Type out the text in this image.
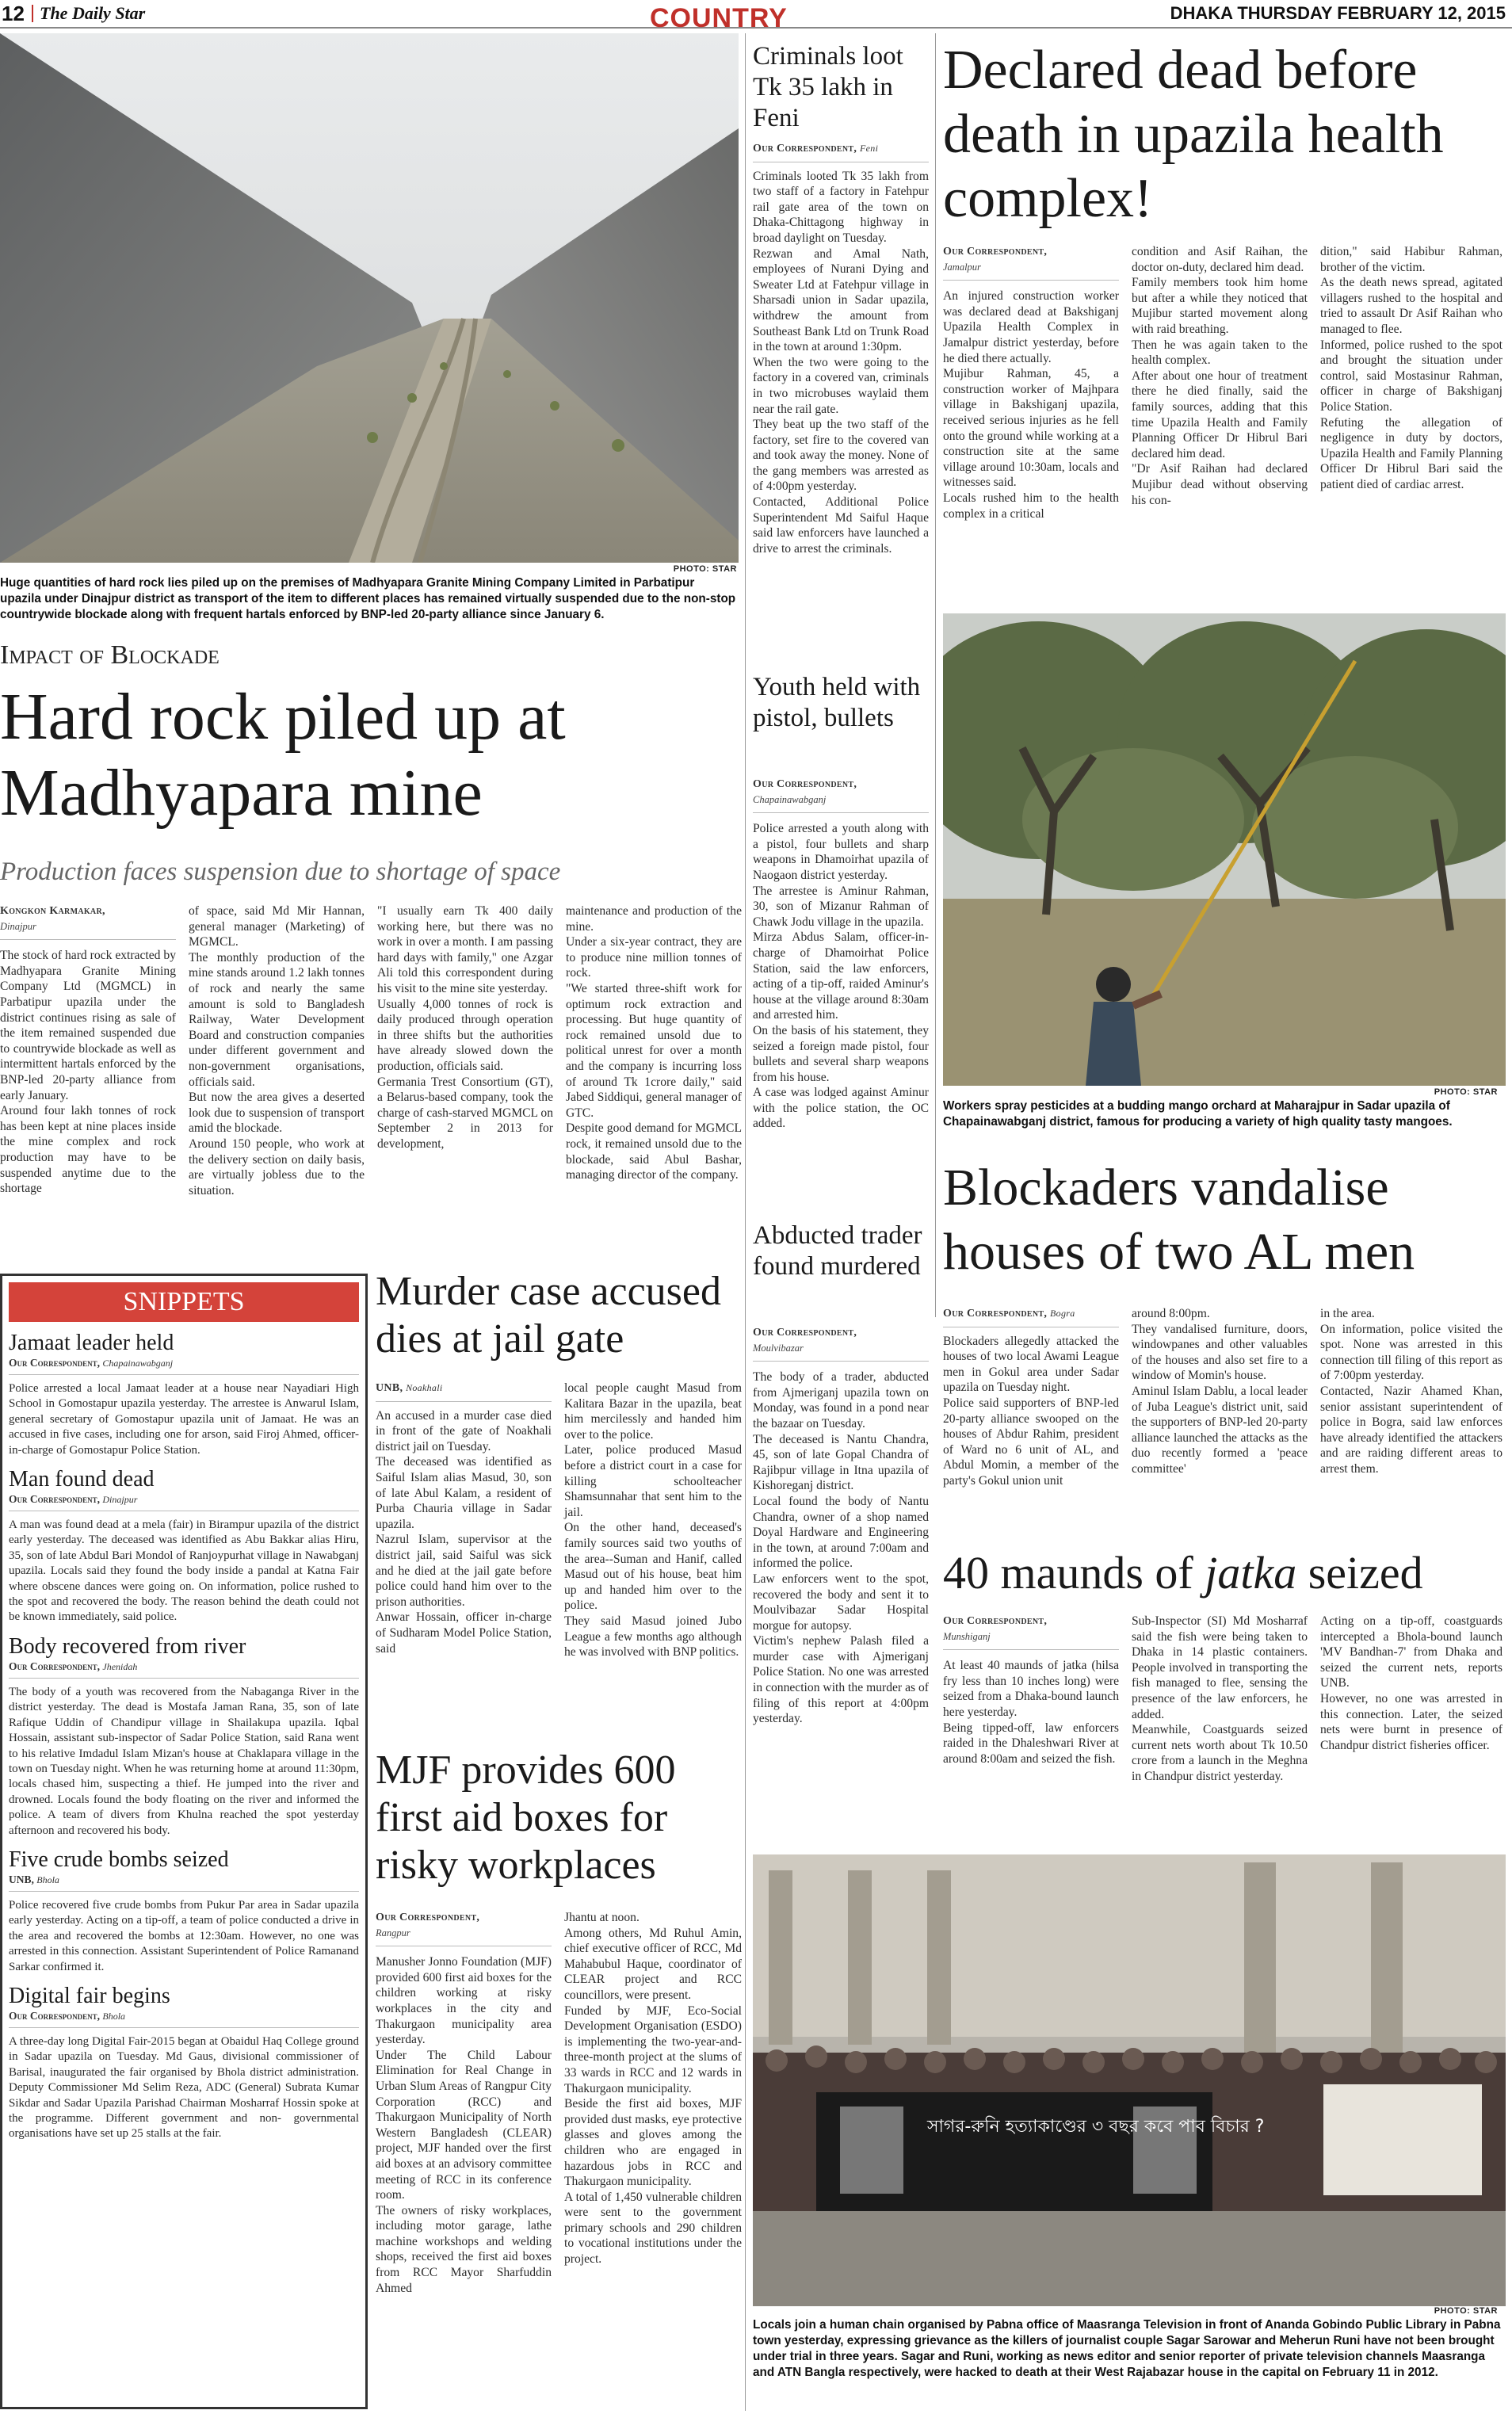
12 The Daily Star	COUNTRY	DHAKA THURSDAY FEBRUARY 12, 2015
PHOTO: STAR
Huge quantities of hard rock lies piled up on the premises of Madhyapara Granite Mining Company Limited in Parbatipur upazila under Dinajpur district as transport of the item to different places has remained virtually suspended due to the non-stop countrywide blockade along with frequent hartals enforced by BNP-led 20-party alliance since January 6.
Impact of Blockade
Hard rock piled up at
Madhyapara mine
Production faces suspension due to shortage of space
Kongkon Karmakar,
Dinajpur
The stock of hard rock extracted by Madhyapara Granite Mining Company Ltd (MGMCL) in Parbatipur upazila under the district continues rising as sale of the item remained suspended due to countrywide blockade as well as intermittent hartals enforced by the BNP-led 20-party alliance from early January.
Around four lakh tonnes of rock has been kept at nine places inside the mine complex and rock production may have to be suspended anytime due to the shortage
of space, said Md Mir Hannan, general manager (Marketing) of MGMCL.
The monthly production of the mine stands around 1.2 lakh tonnes of rock and nearly the same amount is sold to Bangladesh Railway, Water Development Board and construction companies under different government and non-government organisations, officials said.
But now the area gives a deserted look due to suspension of transport amid the blockade.
Around 150 people, who work at the delivery section on daily basis, are virtually jobless due to the situation.
"I usually earn Tk 400 daily working here, but there was no work in over a month. I am passing hard days with family," one Azgar Ali told this correspondent during his visit to the mine site yesterday.
Usually 4,000 tonnes of rock is daily produced through operation in three shifts but the authorities have already slowed down the production, officials said.
Germania Trest Consortium (GT), a Belarus-based company, took the charge of cash-starved MGMCL on September 2 in 2013 for development,
maintenance and production of the mine.
Under a six-year contract, they are to produce nine million tonnes of rock.
"We started three-shift work for optimum rock extraction and processing. But huge quantity of rock remained unsold due to political unrest for over a month and the company is incurring loss of around Tk 1crore daily," said Jabed Siddiqui, general manager of GTC.
Despite good demand for MGMCL rock, it remained unsold due to the blockade, said Abul Bashar, managing director of the company.
SNIPPETS
Jamaat leader held
Our Correspondent, Chapainawabganj
Police arrested a local Jamaat leader at a house near Nayadiari High School in Gomostapur upazila yesterday. The arrestee is Anwarul Islam, general secretary of Gomostapur upazila unit of Jamaat. He was an accused in five cases, including one for arson, said Firoj Ahmed, officer-in-charge of Gomostapur Police Station.
Man found dead
Our Correspondent, Dinajpur
A man was found dead at a mela (fair) in Birampur upazila of the district early yesterday. The deceased was identified as Abu Bakkar alias Hiru, 35, son of late Abdul Bari Mondol of Ranjoypurhat village in Nawabganj upazila. Locals said they found the body inside a pandal at Katna Fair where obscene dances were going on. On information, police rushed to the spot and recovered the body. The reason behind the death could not be known immediately, said police.
Body recovered from river
Our Correspondent, Jhenidah
The body of a youth was recovered from the Nabaganga River in the district yesterday. The dead is Mostafa Jaman Rana, 35, son of late Rafique Uddin of Chandipur village in Shailakupa upazila. Iqbal Hossain, assistant sub-inspector of Sadar Police Station, said Rana went to his relative Imdadul Islam Mizan's house at Chaklapara village in the town on Tuesday night. When he was returning home at around 11:30pm, locals chased him, suspecting a thief. He jumped into the river and drowned. Locals found the body floating on the river and informed the police. A team of divers from Khulna reached the spot yesterday afternoon and recovered his body.
Five crude bombs seized
UNB, Bhola
Police recovered five crude bombs from Pukur Par area in Sadar upazila early yesterday. Acting on a tip-off, a team of police conducted a drive in the area and recovered the bombs at 12:30am. However, no one was arrested in this connection. Assistant Superintendent of Police Ramanand Sarkar confirmed it.
Digital fair begins
Our Correspondent, Bhola
A three-day long Digital Fair-2015 began at Obaidul Haq College ground in Sadar upazila on Tuesday. Md Gaus, divisional commissioner of Barisal, inaugurated the fair organised by Bhola district administration. Deputy Commissioner Md Selim Reza, ADC (General) Subrata Kumar Sikdar and Sadar Upazila Parishad Chairman Mosharraf Hossin spoke at the programme. Different government and non- governmental organisations have set up 25 stalls at the fair.
Murder case accused dies at jail gate
UNB, Noakhali
An accused in a murder case died in front of the gate of Noakhali district jail on Tuesday.
The deceased was identified as Saiful Islam alias Masud, 30, son of late Abul Kalam, a resident of Purba Chauria village in Sadar upazila.
Nazrul Islam, supervisor at the district jail, said Saiful was sick and he died at the jail gate before police could hand him over to the prison authorities.
Anwar Hossain, officer in-charge of Sudharam Model Police Station, said
local people caught Masud from Kalitara Bazar in the upazila, beat him mercilessly and handed him over to the police.
Later, police produced Masud before a district court in a case for killing schoolteacher Shamsunnahar that sent him to the jail.
On the other hand, deceased's family sources said two youths of the area--Suman and Hanif, called Masud out of his house, beat him up and handed him over to the police.
They said Masud joined Jubo League a few months ago although he was involved with BNP politics.
MJF provides 600 first aid boxes for risky workplaces
Our Correspondent,
Rangpur
Manusher Jonno Foundation (MJF) provided 600 first aid boxes for the children working at risky workplaces in the city and Thakurgaon municipality area yesterday.
Under The Child Labour Elimination for Real Change in Urban Slum Areas of Rangpur City Corporation (RCC) and Thakurgaon Municipality of North Western Bangladesh (CLEAR) project, MJF handed over the first aid boxes at an advisory committee meeting of RCC in its conference room.
The owners of risky workplaces, including motor garage, lathe machine workshops and welding shops, received the first aid boxes from RCC Mayor Sharfuddin Ahmed
Jhantu at noon.
Among others, Md Ruhul Amin, chief executive officer of RCC, Md Mahabubul Haque, coordinator of CLEAR project and RCC councillors, were present.
Funded by MJF, Eco-Social Development Organisation (ESDO) is implementing the two-year-and-three-month project at the slums of 33 wards in RCC and 12 wards in Thakurgaon municipality.
Beside the first aid boxes, MJF provided dust masks, eye protective glasses and gloves among the children who are engaged in hazardous jobs in RCC and Thakurgaon municipality.
A total of 1,450 vulnerable children were sent to the government primary schools and 290 children to vocational institutions under the project.
Criminals loot Tk 35 lakh in Feni
Our Correspondent, Feni
Criminals looted Tk 35 lakh from two staff of a factory in Fatehpur rail gate area of the town on Dhaka-Chittagong highway in broad daylight on Tuesday.
Rezwan and Amal Nath, employees of Nurani Dying and Sweater Ltd at Fatehpur village in Sharsadi union in Sadar upazila, withdrew the amount from Southeast Bank Ltd on Trunk Road in the town at around 1:30pm.
When the two were going to the factory in a covered van, criminals in two microbuses waylaid them near the rail gate.
They beat up the two staff of the factory, set fire to the covered van and took away the money. None of the gang members was arrested as of 4:00pm yesterday.
Contacted, Additional Police Superintendent Md Saiful Haque said law enforcers have launched a drive to arrest the criminals.
Youth held with pistol, bullets
Our Correspondent,
Chapainawabganj
Police arrested a youth along with a pistol, four bullets and sharp weapons in Dhamoirhat upazila of Naogaon district yesterday.
The arrestee is Aminur Rahman, 30, son of Mizanur Rahman of Chawk Jodu village in the upazila.
Mirza Abdus Salam, officer-in-charge of Dhamoirhat Police Station, said the law enforcers, acting of a tip-off, raided Aminur's house at the village around 8:30am and arrested him.
On the basis of his statement, they seized a foreign made pistol, four bullets and several sharp weapons from his house.
A case was lodged against Aminur with the police station, the OC added.
Abducted trader found murdered
Our Correspondent,
Moulvibazar
The body of a trader, abducted from Ajmeriganj upazila town on Monday, was found in a pond near the bazaar on Tuesday.
The deceased is Nantu Chandra, 45, son of late Gopal Chandra of Rajibpur village in Itna upazila of Kishoreganj district.
Local found the body of Nantu Chandra, owner of a shop named Doyal Hardware and Engineering in the town, at around 7:00am and informed the police.
Law enforcers went to the spot, recovered the body and sent it to Moulvibazar Sadar Hospital morgue for autopsy.
Victim's nephew Palash filed a murder case with Ajmeriganj Police Station. No one was arrested in connection with the murder as of filing of this report at 4:00pm yesterday.
Declared dead before death in upazila health complex!
Our Correspondent,
Jamalpur
An injured construction worker was declared dead at Bakshiganj Upazila Health Complex in Jamalpur district yesterday, before he died there actually.
Mujibur Rahman, 45, a construction worker of Majhpara village in Bakshiganj upazila, received serious injuries as he fell onto the ground while working at a construction site at the same village around 10:30am, locals and witnesses said.
Locals rushed him to the health complex in a critical
condition and Asif Raihan, the doctor on-duty, declared him dead.
Family members took him home but after a while they noticed that Mujibur started movement along with raid breathing.
Then he was again taken to the health complex.
After about one hour of treatment there he died finally, said the family sources, adding that this time Upazila Health and Family Planning Officer Dr Hibrul Bari declared him dead.
"Dr Asif Raihan had declared Mujibur dead without observing his con-
dition," said Habibur Rahman, brother of the victim.
As the death news spread, agitated villagers rushed to the hospital and tried to assault Dr Asif Raihan who managed to flee.
Informed, police rushed to the spot and brought the situation under control, said Mostasinur Rahman, officer in charge of Bakshiganj Police Station.
Refuting the allegation of negligence in duty by doctors, Upazila Health and Family Planning Officer Dr Hibrul Bari said the patient died of cardiac arrest.
PHOTO: STAR
Workers spray pesticides at a budding mango orchard at Maharajpur in Sadar upazila of Chapainawabganj district, famous for producing a variety of high quality tasty mangoes.
Blockaders vandalise houses of two AL men
Our Correspondent, Bogra
Blockaders allegedly attacked the houses of two local Awami League men in Gokul area under Sadar upazila on Tuesday night.
Police said supporters of BNP-led 20-party alliance swooped on the houses of Abdur Rahim, president of Ward no 6 unit of AL, and Abdul Momin, a member of the party's Gokul union unit
around 8:00pm.
They vandalised furniture, doors, windowpanes and other valuables of the houses and also set fire to a window of Momin's house.
Aminul Islam Dablu, a local leader of Juba League's district unit, said the supporters of BNP-led 20-party alliance launched the attacks as the duo recently formed a 'peace committee'
in the area.
On information, police visited the spot. None was arrested in this connection till filing of this report as of 7:00pm yesterday.
Contacted, Nazir Ahamed Khan, senior assistant superintendent of police in Bogra, said law enforces have already identified the attackers and are raiding different areas to arrest them.
40 maunds of jatka seized
Our Correspondent,
Munshiganj
At least 40 maunds of jatka (hilsa fry less than 10 inches long) were seized from a Dhaka-bound launch here yesterday.
Being tipped-off, law enforcers raided in the Dhaleshwari River at around 8:00am and seized the fish.
Sub-Inspector (SI) Md Mosharraf said the fish were being taken to Dhaka in 14 plastic containers. People involved in transporting the fish managed to flee, sensing the presence of the law enforcers, he added.
Meanwhile, Coastguards seized current nets worth about Tk 10.50 crore from a launch in the Meghna in Chandpur district yesterday.
Acting on a tip-off, coastguards intercepted a Bhola-bound launch 'MV Bandhan-7' from Dhaka and seized the current nets, reports UNB.
However, no one was arrested in this connection. Later, the seized nets were burnt in presence of Chandpur district fisheries officer.
সাগর-রুনি হত্যাকাণ্ডের ৩ বছর কবে পাব বিচার ?
PHOTO: STAR
Locals join a human chain organised by Pabna office of Maasranga Television in front of Ananda Gobindo Public Library in Pabna town yesterday, expressing grievance as the killers of journalist couple Sagar Sarowar and Meherun Runi have not been brought under trial in three years. Sagar and Runi, working as news editor and senior reporter of private television channels Maasranga and ATN Bangla respectively, were hacked to death at their West Rajabazar house in the capital on February 11 in 2012.
